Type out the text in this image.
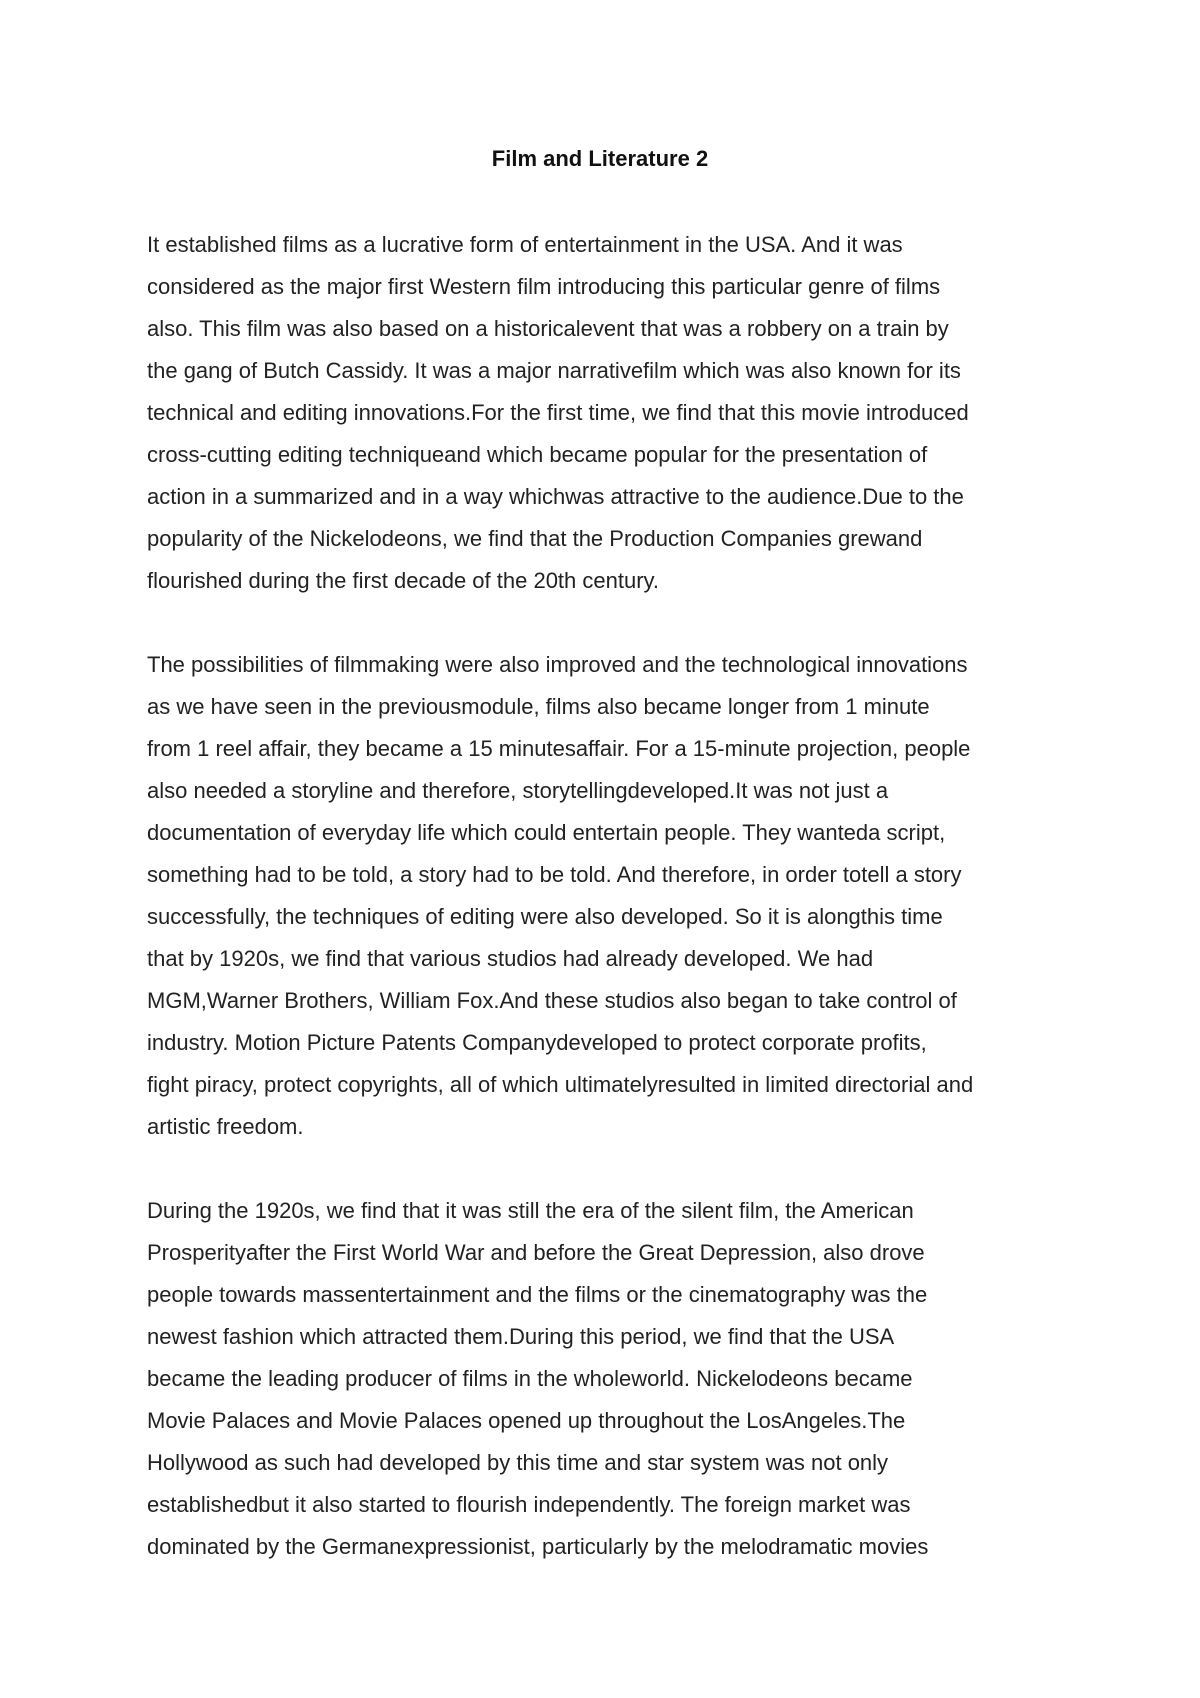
Film and Literature 2
It established films as a lucrative form of entertainment in the USA. And it was
considered as the major first Western film introducing this particular genre of films
also. This film was also based on a historicalevent that was a robbery on a train by
the gang of Butch Cassidy. It was a major narrativefilm which was also known for its
technical and editing innovations.For the first time, we find that this movie introduced
cross-cutting editing techniqueand which became popular for the presentation of
action in a summarized and in a way whichwas attractive to the audience.Due to the
popularity of the Nickelodeons, we find that the Production Companies grewand
flourished during the first decade of the 20th century.
The possibilities of filmmaking were also improved and the technological innovations
as we have seen in the previousmodule, films also became longer from 1 minute
from 1 reel affair, they became a 15 minutesaffair. For a 15-minute projection, people
also needed a storyline and therefore, storytellingdeveloped.It was not just a
documentation of everyday life which could entertain people. They wanteda script,
something had to be told, a story had to be told. And therefore, in order totell a story
successfully, the techniques of editing were also developed. So it is alongthis time
that by 1920s, we find that various studios had already developed. We had
MGM,Warner Brothers, William Fox.And these studios also began to take control of
industry. Motion Picture Patents Companydeveloped to protect corporate profits,
fight piracy, protect copyrights, all of which ultimatelyresulted in limited directorial and
artistic freedom.
During the 1920s, we find that it was still the era of the silent film, the American
Prosperityafter the First World War and before the Great Depression, also drove
people towards massentertainment and the films or the cinematography was the
newest fashion which attracted them.During this period, we find that the USA
became the leading producer of films in the wholeworld. Nickelodeons became
Movie Palaces and Movie Palaces opened up throughout the LosAngeles.The
Hollywood as such had developed by this time and star system was not only
establishedbut it also started to flourish independently. The foreign market was
dominated by the Germanexpressionist, particularly by the melodramatic movies
